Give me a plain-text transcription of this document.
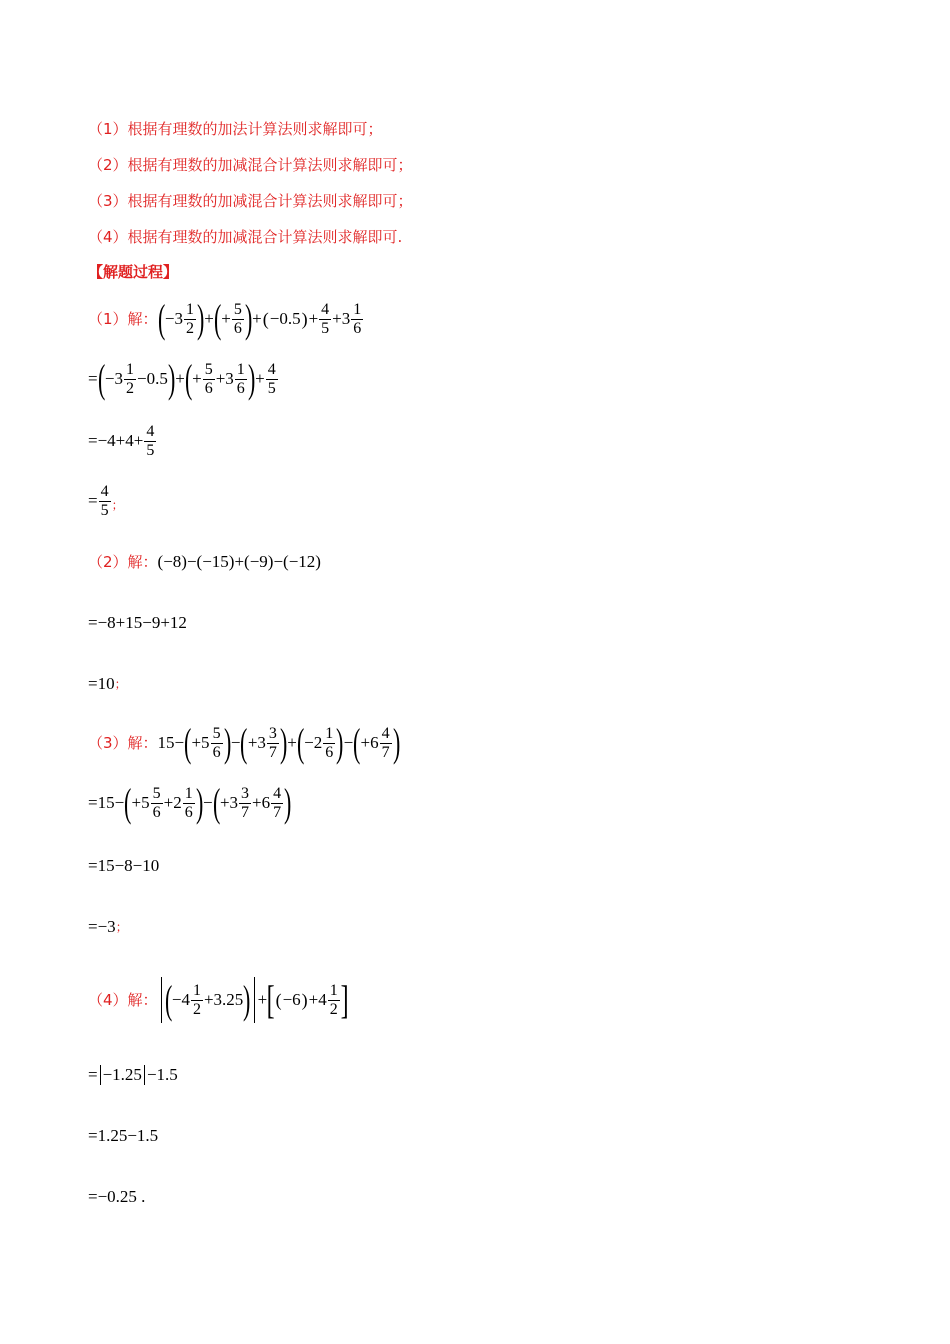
（1）根据有理数的加法计算法则求解即可；
（2）根据有理数的加减混合计算法则求解即可；
（3）根据有理数的加减混合计算法则求解即可；
（4）根据有理数的加减混合计算法则求解即可.
【解题过程】
（1）解： ( $-3 \frac{1}{2}$ ) + ( + $\frac{5}{6}$ ) + ( −0.5 ) + $\frac{4}{5} +3 \frac{1}{6}$
= ( $-3 \frac{1}{2} -0.5$ ) + ( + $\frac{5}{6} +3 \frac{1}{6}$ ) + $\frac{4}{5}$
$=-4+4+ \frac{4}{5}$
= $\frac{4}{5}$ ；
（2）解： (−8)−(−15)+(−9)−(−12)
=−8+15−9+12
=10 ；
（3）解： 15− ( $+5 \frac{5}{6}$ ) − ( $+3 \frac{3}{7}$ ) + ( $-2 \frac{1}{6}$ ) − ( $+6 \frac{4}{7}$ )
=15− ( $+5 \frac{5}{6} +2 \frac{1}{6}$ ) − ( $+3 \frac{3}{7} +6 \frac{4}{7}$ )
=15−8−10
=−3 ；
（4）解： ( $-4 \frac{1}{2} +3.25$ ) + [ ( −6 ) $+4 \frac{1}{2}$ ]
= −1.25 −1.5
=1.25−1.5
=−0.25 .
